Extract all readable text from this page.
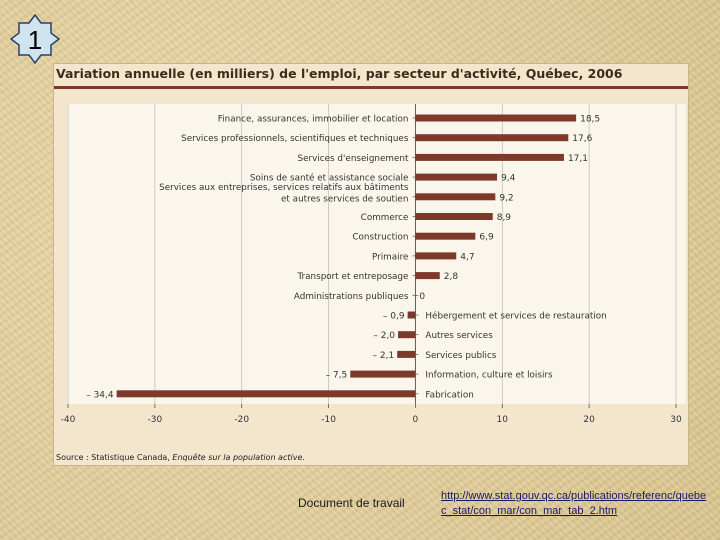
1
Variation annuelle (en milliers) de l'emploi, par secteur d'activité, Québec, 2006
-40	-30	-20	-10	0	10	20	30
18,5
Finance, assurances, immobilier et location
17,6
Services professionnels, scientifiques et techniques
17,1
Services d'enseignement
9,4
Soins de santé et assistance sociale
9,2
Services aux entreprises, services relatifs aux bâtiments et autres services de soutien
8,9
Commerce
6,9
Construction
4,7
Primaire
2,8
Transport et entreposage
0
Administrations publiques
– 0,9 Hébergement et services de restauration
– 2,0	Autres services
– 2,1	Services publics
– 7,5	Information, culture et loisirs
– 34,4	Fabrication

Source : Statistique Canada, Enquête sur la population active.

Document de travail	http://www.stat.gouv.qc.ca/publications/referenc/quebec_stat/con_mar/con_mar_tab_2.htm
